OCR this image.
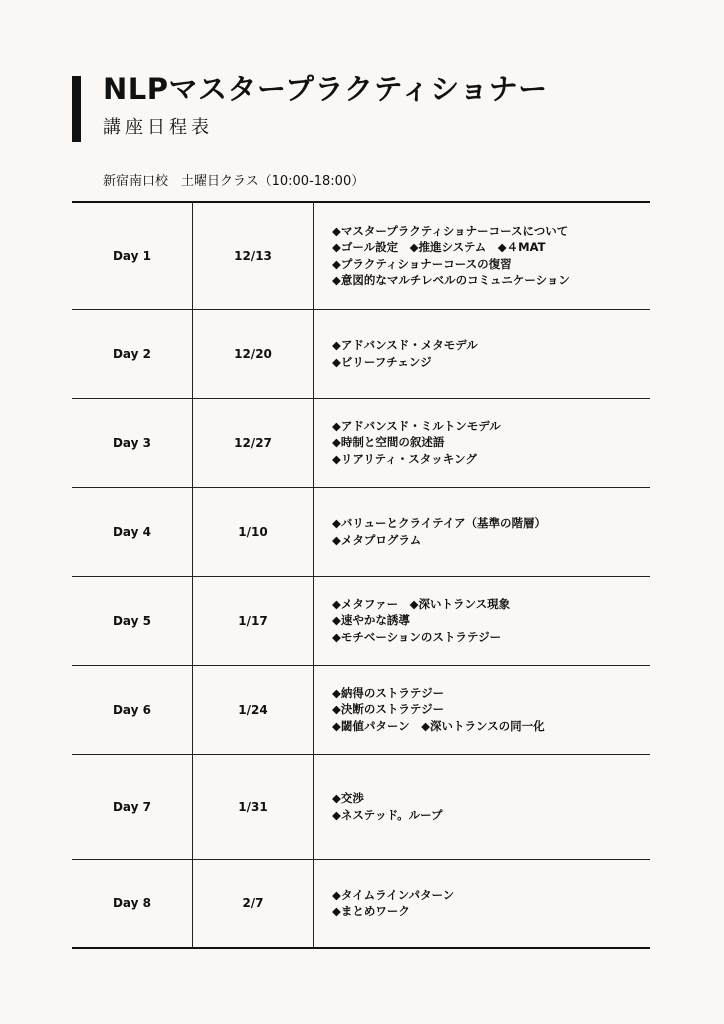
NLPマスタープラクティショナー
講座日程表
新宿南口校　土曜日クラス（10:00-18:00）
Day 1	12/13	◆マスタープラクティショナーコースについて
◆ゴール設定　◆推進システム　◆４MAT
◆プラクティショナーコースの復習
◆意図的なマルチレベルのコミュニケーション

Day 2	12/20	◆アドバンスド・メタモデル
◆ビリーフチェンジ

Day 3	12/27	◆アドバンスド・ミルトンモデル
◆時制と空間の叙述語
◆リアリティ・スタッキング

Day 4	1/10	◆バリューとクライテイア（基準の階層）
◆メタプログラム

Day 5	1/17	◆メタファー　◆深いトランス現象
◆速やかな誘導
◆モチベーションのストラテジー

Day 6	1/24	◆納得のストラテジー
◆決断のストラテジー
◆閾値パターン　◆深いトランスの同一化

Day 7	1/31	◆交渉
◆ネステッド。ループ

Day 8	2/7	◆タイムラインパターン
◆まとめワーク
